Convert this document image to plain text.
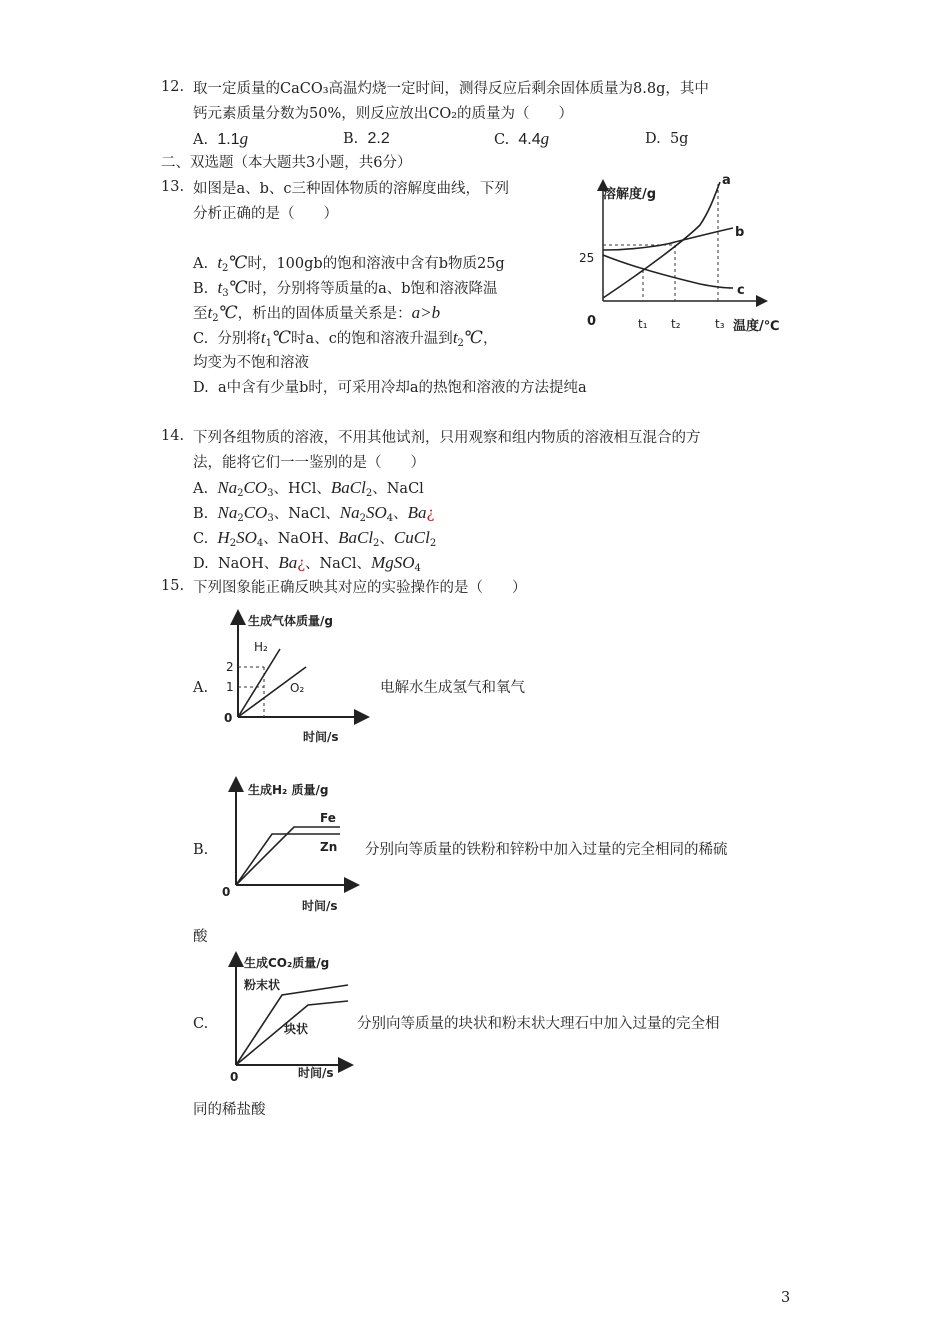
12. 取一定质量的CaCO₃高温灼烧一定时间，测得反应后剩余固体质量为8.8g，其中
钙元素质量分数为50%，则反应放出CO₂的质量为（　　）
A. 1.1g	B. 2.2	C. 4.4g	D. 5g
二、双选题（本大题共3小题，共6分）
13. 如图是a、b、c三种固体物质的溶解度曲线，下列
分析正确的是（　　）
A. $t_2℃$时，100gb的饱和溶液中含有b物质25g
B. $t_3℃$时，分别将等质量的a、b饱和溶液降温
至$t_2℃$，析出的固体质量关系是：a>b
C. 分别将$t_1℃$时a、c的饱和溶液升温到$t_2℃$，
均变为不饱和溶液
D. a中含有少量b时，可采用冷却a的热饱和溶液的方法提纯a
溶解度/g
温度/℃
0
25
a
b
c
t₁ t₂	t₃
14. 下列各组物质的溶液，不用其他试剂，只用观察和组内物质的溶液相互混合的方
法，能将它们一一鉴别的是（　　）
A. $Na_2CO_3$、HCl、BaCl$_2$、NaCl
B. $Na_2CO_3$、NaCl、$Na_2SO_4$、Ba¿
C. $H_2SO_4$、NaOH、BaCl$_2$、CuCl$_2$
D. NaOH、Ba¿、NaCl、MgSO$_4$
15. 下列图象能正确反映其对应的实验操作的是（　　）
A.
生成气体质量/g
时间/s
0
2
1
H₂
O₂	电解水生成氢气和氧气
B.
生成H₂ 质量/g
时间/s
0
Fe
Zn 分别向等质量的铁粉和锌粉中加入过量的完全相同的稀硫
酸
C.
生成CO₂质量/g
时间/s
0
粉末状
块状	分别向等质量的块状和粉末状大理石中加入过量的完全相
同的稀盐酸
3
